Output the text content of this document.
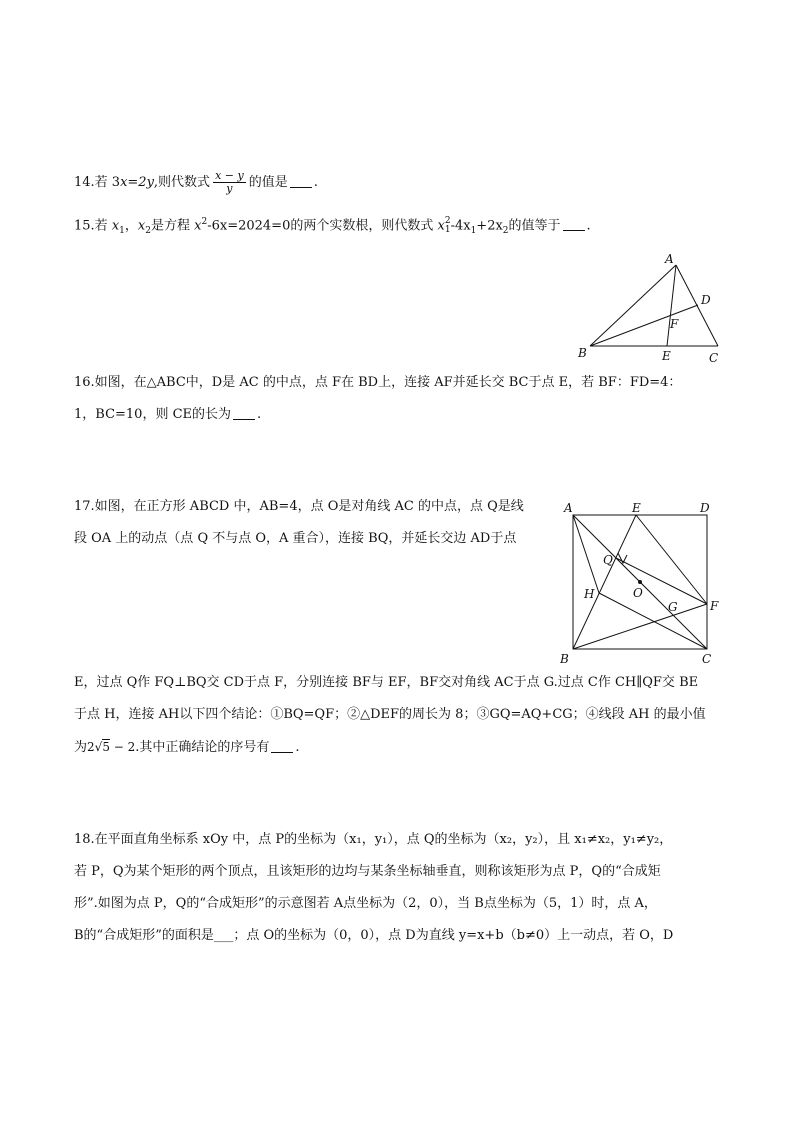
14.若 3x=2y,则代数式 $\frac{x - y}{y}$ 的值是 .
15.若 $x_1$，$x_2$是方程 $x^2-6x=2024=0$的两个实数根，则代数式 x 2
1 $-4x_1+2x_2$的值等于 .
A
B	C
D
E
F
16.如图，在△ABC中，D是 AC 的中点，点 F在 BD上，连接 AF并延长交 BC于点 E，若 BF：FD=4：
1，BC=10，则 CE的长为 .
A
B	C
D
E
F
G
H	O
Q
17.如图，在正方形 ABCD 中，AB=4，点 O是对角线 AC 的中点，点 Q是线
段 OA 上的动点（点 Q 不与点 O，A 重合），连接 BQ，并延长交边 AD于点
E，过点 Q作 FQ⊥BQ交 CD于点 F，分别连接 BF与 EF，BF交对角线 AC于点 G.过点 C作 CH∥QF交 BE
于点 H，连接 AH以下四个结论：①BQ=QF；②△DEF的周长为 8；③GQ=AQ+CG；④线段 AH 的最小值
为2√5 − 2.其中正确结论的序号有 .
18.在平面直角坐标系 xOy 中，点 P的坐标为（x₁，y₁），点 Q的坐标为（x₂，y₂），且 x₁≠x₂，y₁≠y₂，
若 P，Q为某个矩形的两个顶点，且该矩形的边均与某条坐标轴垂直，则称该矩形为点 P，Q的“合成矩
形”.如图为点 P，Q的“合成矩形”的示意图若 A点坐标为（2，0），当 B点坐标为（5，1）时，点 A，
B的“合成矩形”的面积是___；点 O的坐标为（0，0），点 D为直线 y=x+b（b≠0）上一动点，若 O，D
